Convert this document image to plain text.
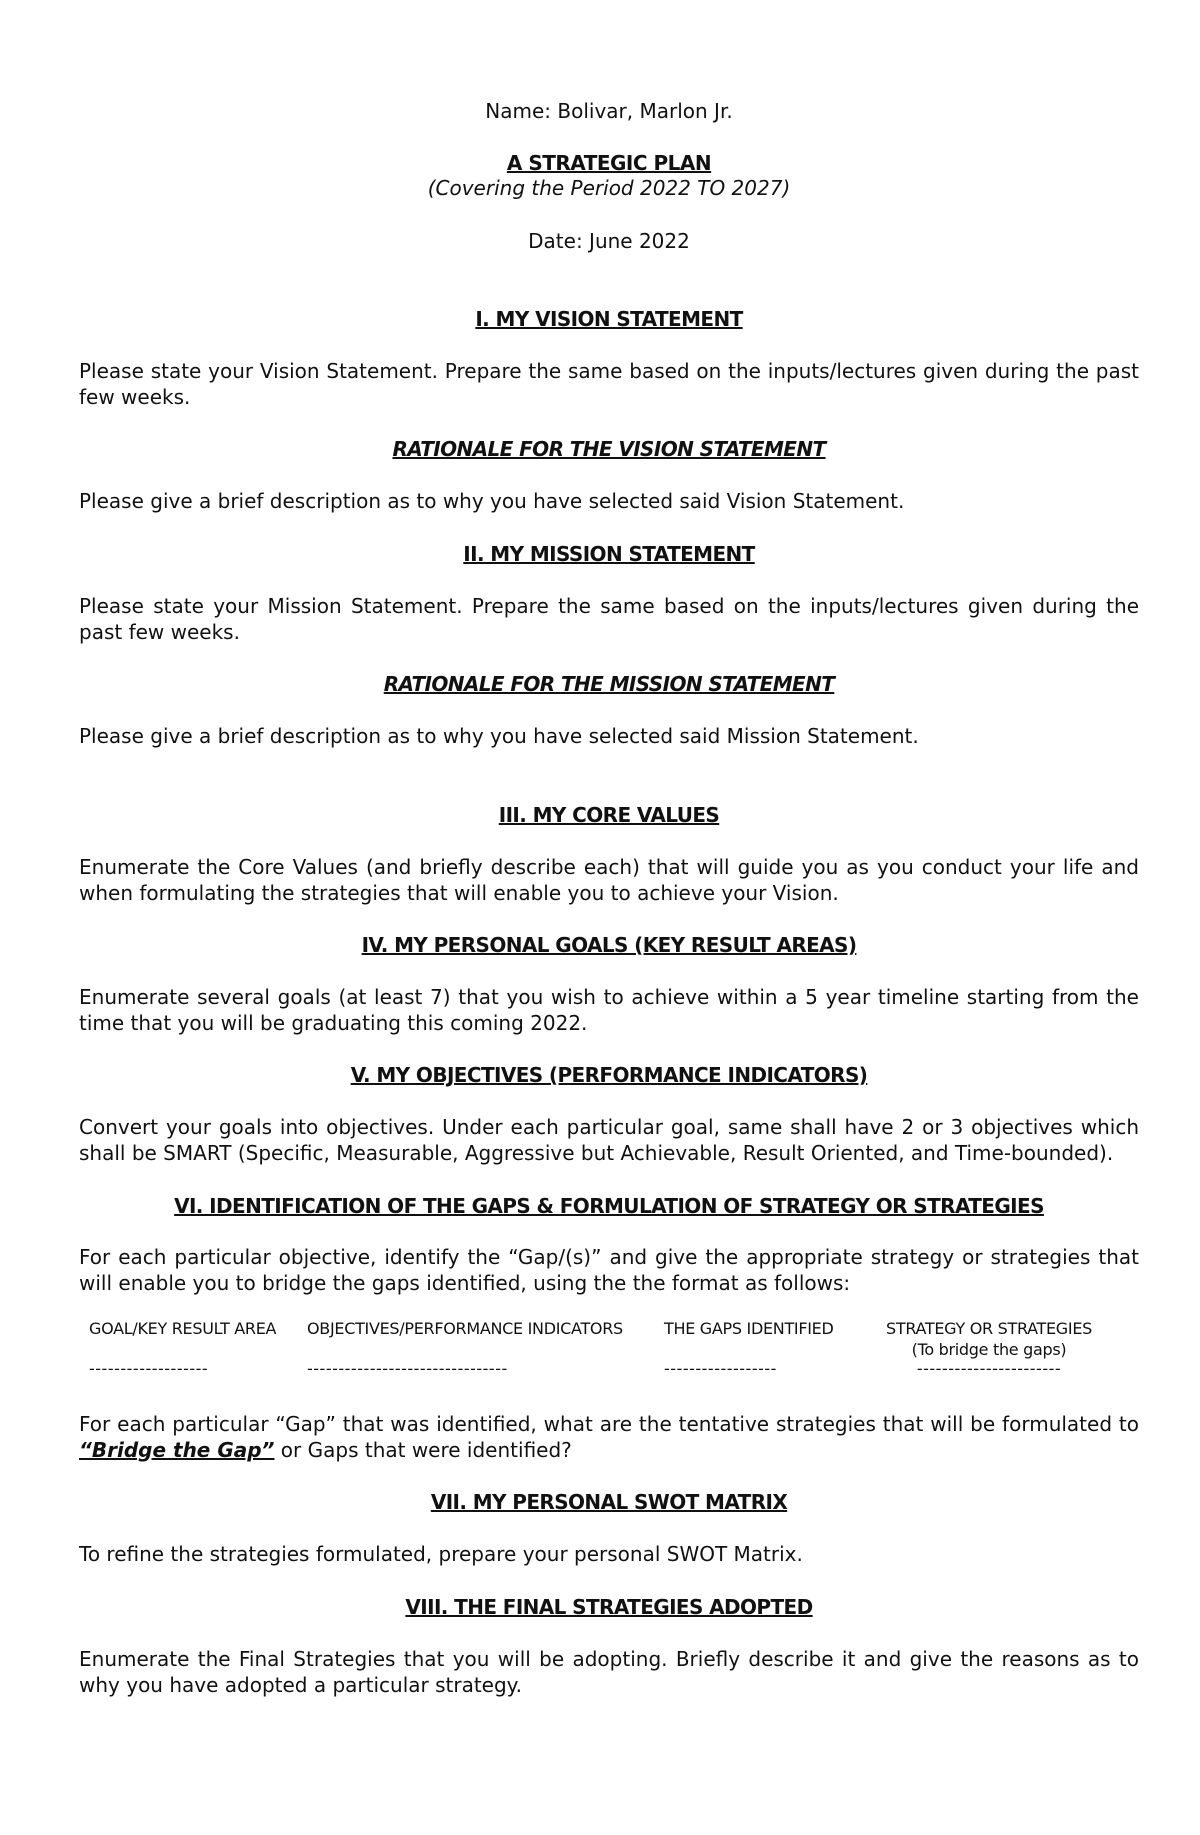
Name: Bolivar, Marlon Jr.

A STRATEGIC PLAN

(Covering the Period 2022 TO 2027)

Date: June 2022

I. MY VISION STATEMENT

Please state your Vision Statement. Prepare the same based on the inputs/lectures given during the past few weeks.

RATIONALE FOR THE VISION STATEMENT

Please give a brief description as to why you have selected said Vision Statement.

II. MY MISSION STATEMENT

Please state your Mission Statement. Prepare the same based on the inputs/lectures given during the past few weeks.

RATIONALE FOR THE MISSION STATEMENT

Please give a brief description as to why you have selected said Mission Statement.

III. MY CORE VALUES

Enumerate the Core Values (and briefly describe each) that will guide you as you conduct your life and when formulating the strategies that will enable you to achieve your Vision.

IV. MY PERSONAL GOALS (KEY RESULT AREAS)

Enumerate several goals (at least 7) that you wish to achieve within a 5 year timeline starting from the time that you will be graduating this coming 2022.

V. MY OBJECTIVES (PERFORMANCE INDICATORS)

Convert your goals into objectives. Under each particular goal, same shall have 2 or 3 objectives which shall be SMART (Specific, Measurable, Aggressive but Achievable, Result Oriented, and Time-bounded).

VI. IDENTIFICATION OF THE GAPS & FORMULATION OF STRATEGY OR STRATEGIES

For each particular objective, identify the “Gap/(s)” and give the appropriate strategy or strategies that will enable you to bridge the gaps identified, using the the format as follows:

GOAL/KEY RESULT AREA
-------------------
OBJECTIVES/PERFORMANCE INDICATORS
--------------------------------
THE GAPS IDENTIFIED
------------------
STRATEGY OR STRATEGIES
(To bridge the gaps)
-----------------------

For each particular “Gap” that was identified, what are the tentative strategies that will be formulated to “Bridge the Gap” or Gaps that were identified?

VII. MY PERSONAL SWOT MATRIX

To refine the strategies formulated, prepare your personal SWOT Matrix.

VIII. THE FINAL STRATEGIES ADOPTED

Enumerate the Final Strategies that you will be adopting. Briefly describe it and give the reasons as to why you have adopted a particular strategy.
